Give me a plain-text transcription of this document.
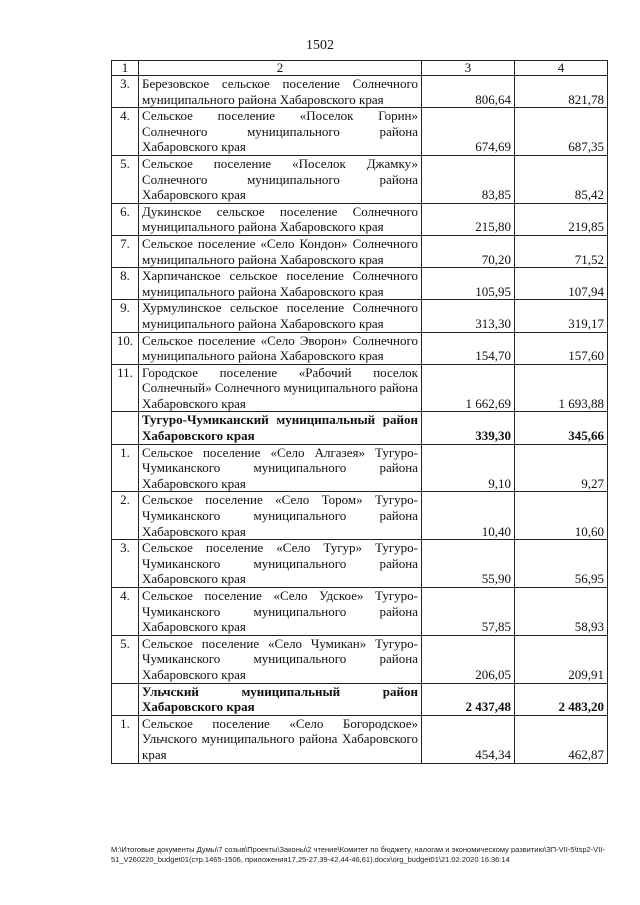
1502
1	2	3	4
3.	Березовское сельское поселение Солнечного муниципального района Хабаровского края	806,64	821,78
4.	Сельское поселение «Поселок Горин» Солнечного муниципального района Хабаровского края	674,69	687,35
5.	Сельское поселение «Поселок Джамку» Солнечного муниципального района Хабаровского края	83,85	85,42
6.	Дукинское сельское поселение Солнечного муниципального района Хабаровского края	215,80	219,85
7.	Сельское поселение «Село Кондон» Солнечного муниципального района Хабаровского края	70,20	71,52
8.	Харпичанское сельское поселение Солнечного муниципального района Хабаровского края	105,95	107,94
9.	Хурмулинское сельское поселение Солнечного муниципального района Хабаровского края	313,30	319,17
10.	Сельское поселение «Село Эворон» Солнечного муниципального района Хабаровского края	154,70	157,60
11.	Городское поселение «Рабочий поселок Солнечный» Солнечного муниципального района Хабаровского края	1 662,69	1 693,88
	Тугуро-Чумиканский муниципальный район Хабаровского края	339,30	345,66
1.	Сельское поселение «Село Алгазея» Тугуро-Чумиканского муниципального района Хабаровского края	9,10	9,27
2.	Сельское поселение «Село Тором» Тугуро-Чумиканского муниципального района Хабаровского края	10,40	10,60
3.	Сельское поселение «Село Тугур» Тугуро-Чумиканского муниципального района Хабаровского края	55,90	56,95
4.	Сельское поселение «Село Удское» Тугуро-Чумиканского муниципального района Хабаровского края	57,85	58,93
5.	Сельское поселение «Село Чумикан» Тугуро-Чумиканского муниципального района Хабаровского края	206,05	209,91
	Ульчский муниципальный район Хабаровского края	2 437,48	2 483,20
1.	Сельское поселение «Село Богородское» Ульчского муниципального района Хабаровского края	454,34	462,87
M:\Итоговые документы Думы\7 созыв\Проекты\Законы\2 чтение\Комитет по бюджету, налогам и экономическому развитию\ЗП-VII-5\tsp2-VII-51_V260220_budget01(стр.1465-1506, приложения17,25-27,39-42,44-46,61).docx\org_budget01\21.02.2020 16:36:14
